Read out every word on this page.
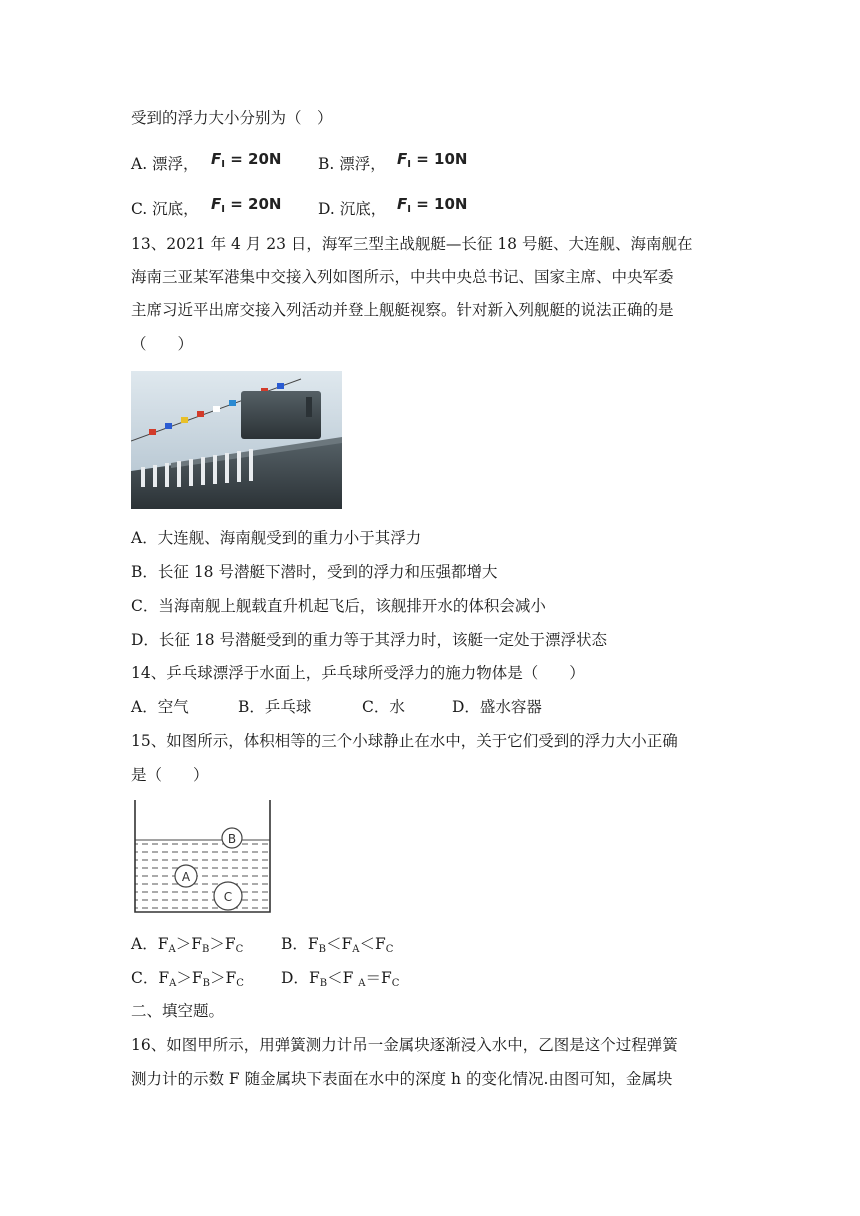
受到的浮力大小分别为（　）
A. 漂浮， $F_I = 20N$ B. 漂浮， $F_I = 10N$
C. 沉底， $F_I = 20N$ D. 沉底， $F_I = 10N$
13、2021 年 4 月 23 日，海军三型主战舰艇—长征 18 号艇、大连舰、海南舰在
海南三亚某军港集中交接入列如图所示，中共中央总书记、国家主席、中央军委
主席习近平出席交接入列活动并登上舰艇视察。针对新入列舰艇的说法正确的是
（　　）
A．大连舰、海南舰受到的重力小于其浮力
B．长征 18 号潜艇下潜时，受到的浮力和压强都增大
C．当海南舰上舰载直升机起飞后，该舰排开水的体积会减小
D．长征 18 号潜艇受到的重力等于其浮力时，该艇一定处于漂浮状态
14、乒乓球漂浮于水面上，乒乓球所受浮力的施力物体是（　　）
A．空气	B．乒乓球	C．水	D．盛水容器
15、如图所示，体积相等的三个小球静止在水中，关于它们受到的浮力大小正确
是（　　）
B
A
C
A．$F_A>F_B>F_C$ B．$F_B<F_A<F_C$
C．$F_A>F_B>F_C$ D．$F_B<F$ $_A=F_C$
二、填空题。
16、如图甲所示，用弹簧测力计吊一金属块逐渐浸入水中，乙图是这个过程弹簧
测力计的示数 F 随金属块下表面在水中的深度 h 的变化情况.由图可知，金属块
